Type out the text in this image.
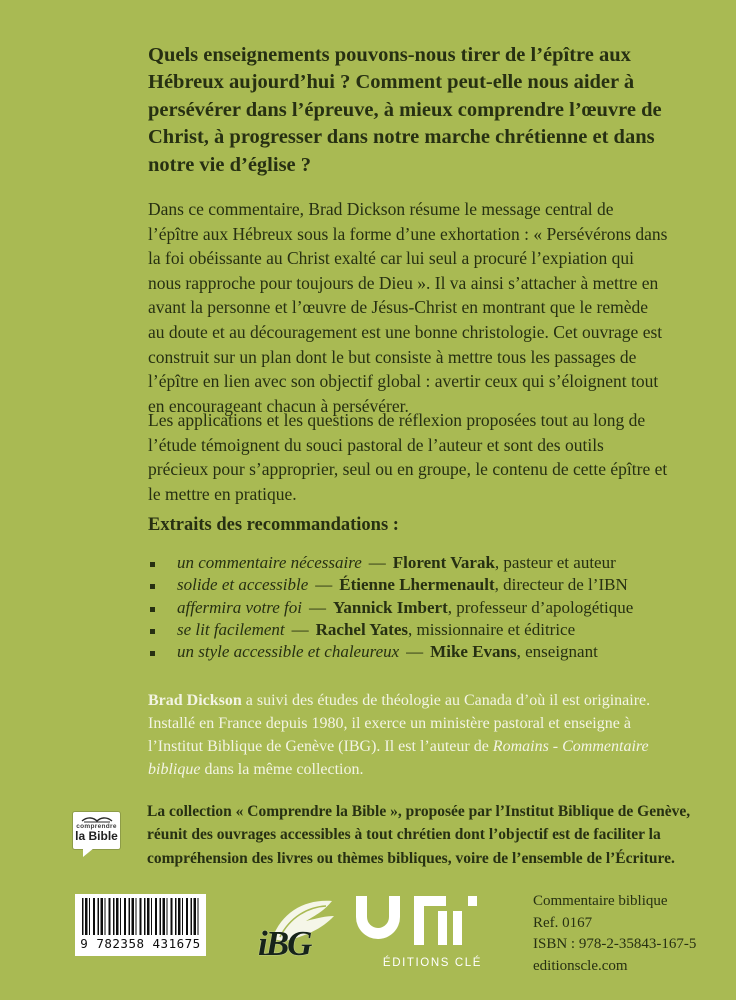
Quels enseignements pouvons-nous tirer de l’épître aux Hébreux aujourd’hui ? Comment peut-elle nous aider à persévérer dans l’épreuve, à mieux comprendre l’œuvre de Christ, à progresser dans notre marche chrétienne et dans notre vie d’église ?
Dans ce commentaire, Brad Dickson résume le message central de l’épître aux Hébreux sous la forme d’une exhortation : « Persévérons dans la foi obéissante au Christ exalté car lui seul a procuré l’expiation qui nous rapproche pour toujours de Dieu ». Il va ainsi s’attacher à mettre en avant la personne et l’œuvre de Jésus-Christ en montrant que le remède au doute et au découragement est une bonne christologie. Cet ouvrage est construit sur un plan dont le but consiste à mettre tous les passages de l’épître en lien avec son objectif global : avertir ceux qui s’éloignent tout en encourageant chacun à persévérer.
Les applications et les questions de réflexion proposées tout au long de l’étude témoignent du souci pastoral de l’auteur et sont des outils précieux pour s’approprier, seul ou en groupe, le contenu de cette épître et le mettre en pratique.
Extraits des recommandations :
un commentaire nécessaire — Florent Varak , pasteur et auteur
solide et accessible — Étienne Lhermenault , directeur de l’IBN
affermira votre foi — Yannick Imbert , professeur d’apologétique
se lit facilement — Rachel Yates , missionnaire et éditrice
un style accessible et chaleureux — Mike Evans , enseignant
Brad Dickson a suivi des études de théologie au Canada d’où il est originaire. Installé en France depuis 1980, il exerce un ministère pastoral et enseigne à l’Institut Biblique de Genève (IBG). Il est l’auteur de Romains - Commentaire biblique dans la même collection.
comprendre
la Bible
La collection « Comprendre la Bible », proposée par l’Institut Biblique de Genève, réunit des ouvrages accessibles à tout chrétien dont l’objectif est de faciliter la compréhension des livres ou thèmes bibliques, voire de l’ensemble de l’Écriture.
9 782358 431675 iBG	ÉDITIONS CLÉ
Commentaire biblique
Ref. 0167
ISBN : 978-2-35843-167-5
editionscle.com
